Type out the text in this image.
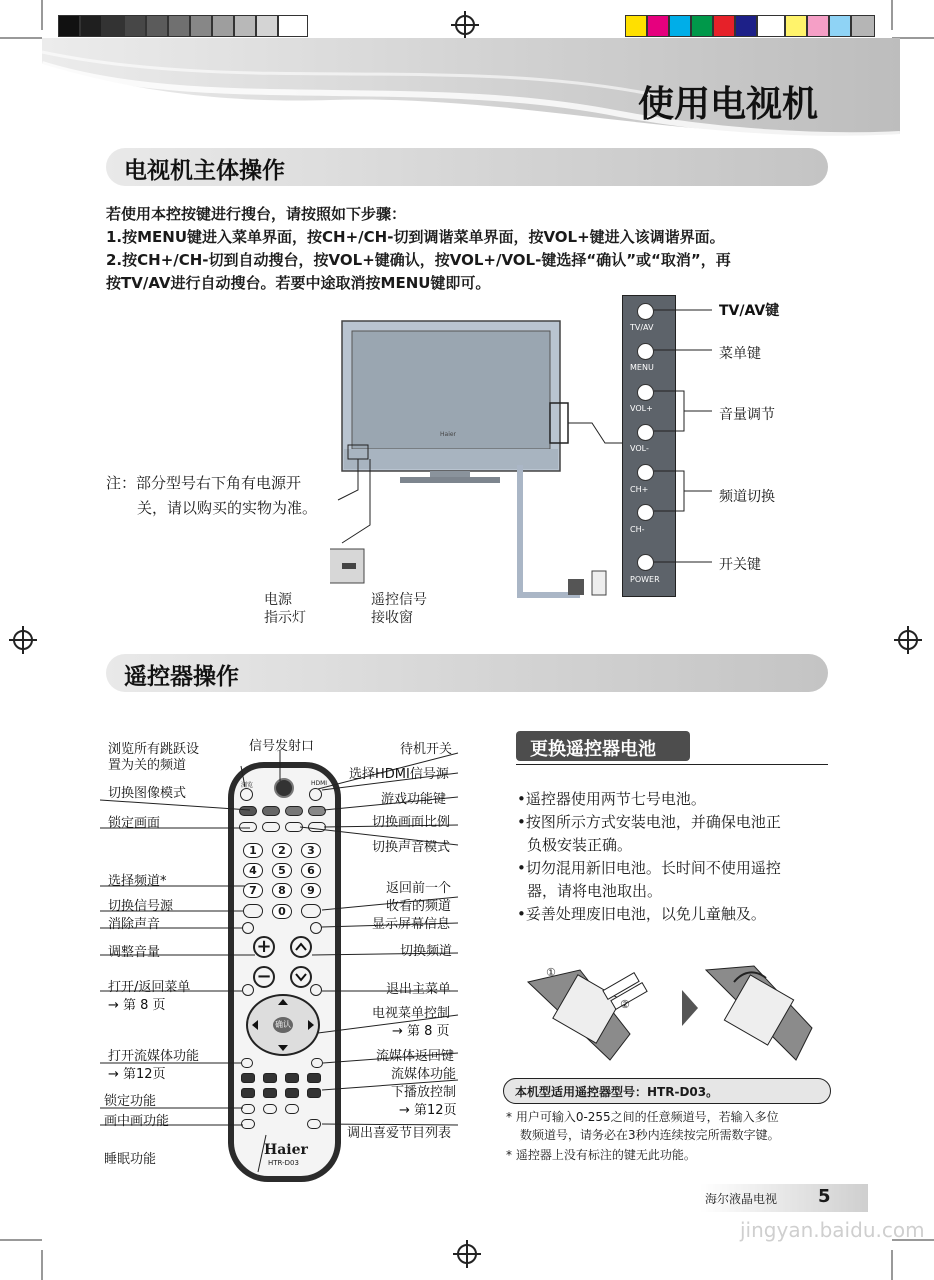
使用电视机
电视机主体操作
若使用本控按键进行搜台，请按照如下步骤：
1.按MENU键进入菜单界面，按CH+/CH-切到调谐菜单界面，按VOL+键进入该调谐界面。
2.按CH+/CH-切到自动搜台，按VOL+键确认，按VOL+/VOL-键选择“确认”或“取消”，再
按TV/AV进行自动搜台。若要中途取消按MENU键即可。
Haier
TV/AV
MENU
VOL+
VOL-
CH+
CH-
POWER
TV/AV键
菜单键
音量调节
频道切换
开关键
注：部分型号右下角有电源开
关，请以购买的实物为准。
电源
指示灯
遥控信号
接收窗
遥控器操作
浏览	HDMI
1	2	3
4	5	6
7	8	9
0
+
−
确认
Haier
HTR-D03
浏览所有跳跃设
置为关的频道
切换图像模式
锁定画面
选择频道*
切换信号源
消除声音
调整音量
打开/返回菜单
→ 第 8 页
打开流媒体功能
→ 第12页
锁定功能
画中画功能
睡眠功能
信号发射口	待机开关
选择HDMI信号源
游戏功能键
切换画面比例
切换声音模式
返回前一个
收看的频道
显示屏幕信息
切换频道
退出主菜单
电视菜单控制
→ 第 8 页
流媒体返回键
流媒体功能
下播放控制
→ 第12页
调出喜爱节目列表
更换遥控器电池
•遥控器使用两节七号电池。
•按图所示方式安装电池，并确保电池正
负极安装正确。
•切勿混用新旧电池。长时间不使用遥控
器，请将电池取出。
•妥善处理废旧电池，以免儿童触及。
①
②
本机型适用遥控器型号：HTR-D03。
* 用户可输入0-255之间的任意频道号，若输入多位
数频道号，请务必在3秒内连续按完所需数字键。
* 遥控器上没有标注的键无此功能。
海尔液晶电视 5
jingyan.baidu.com
